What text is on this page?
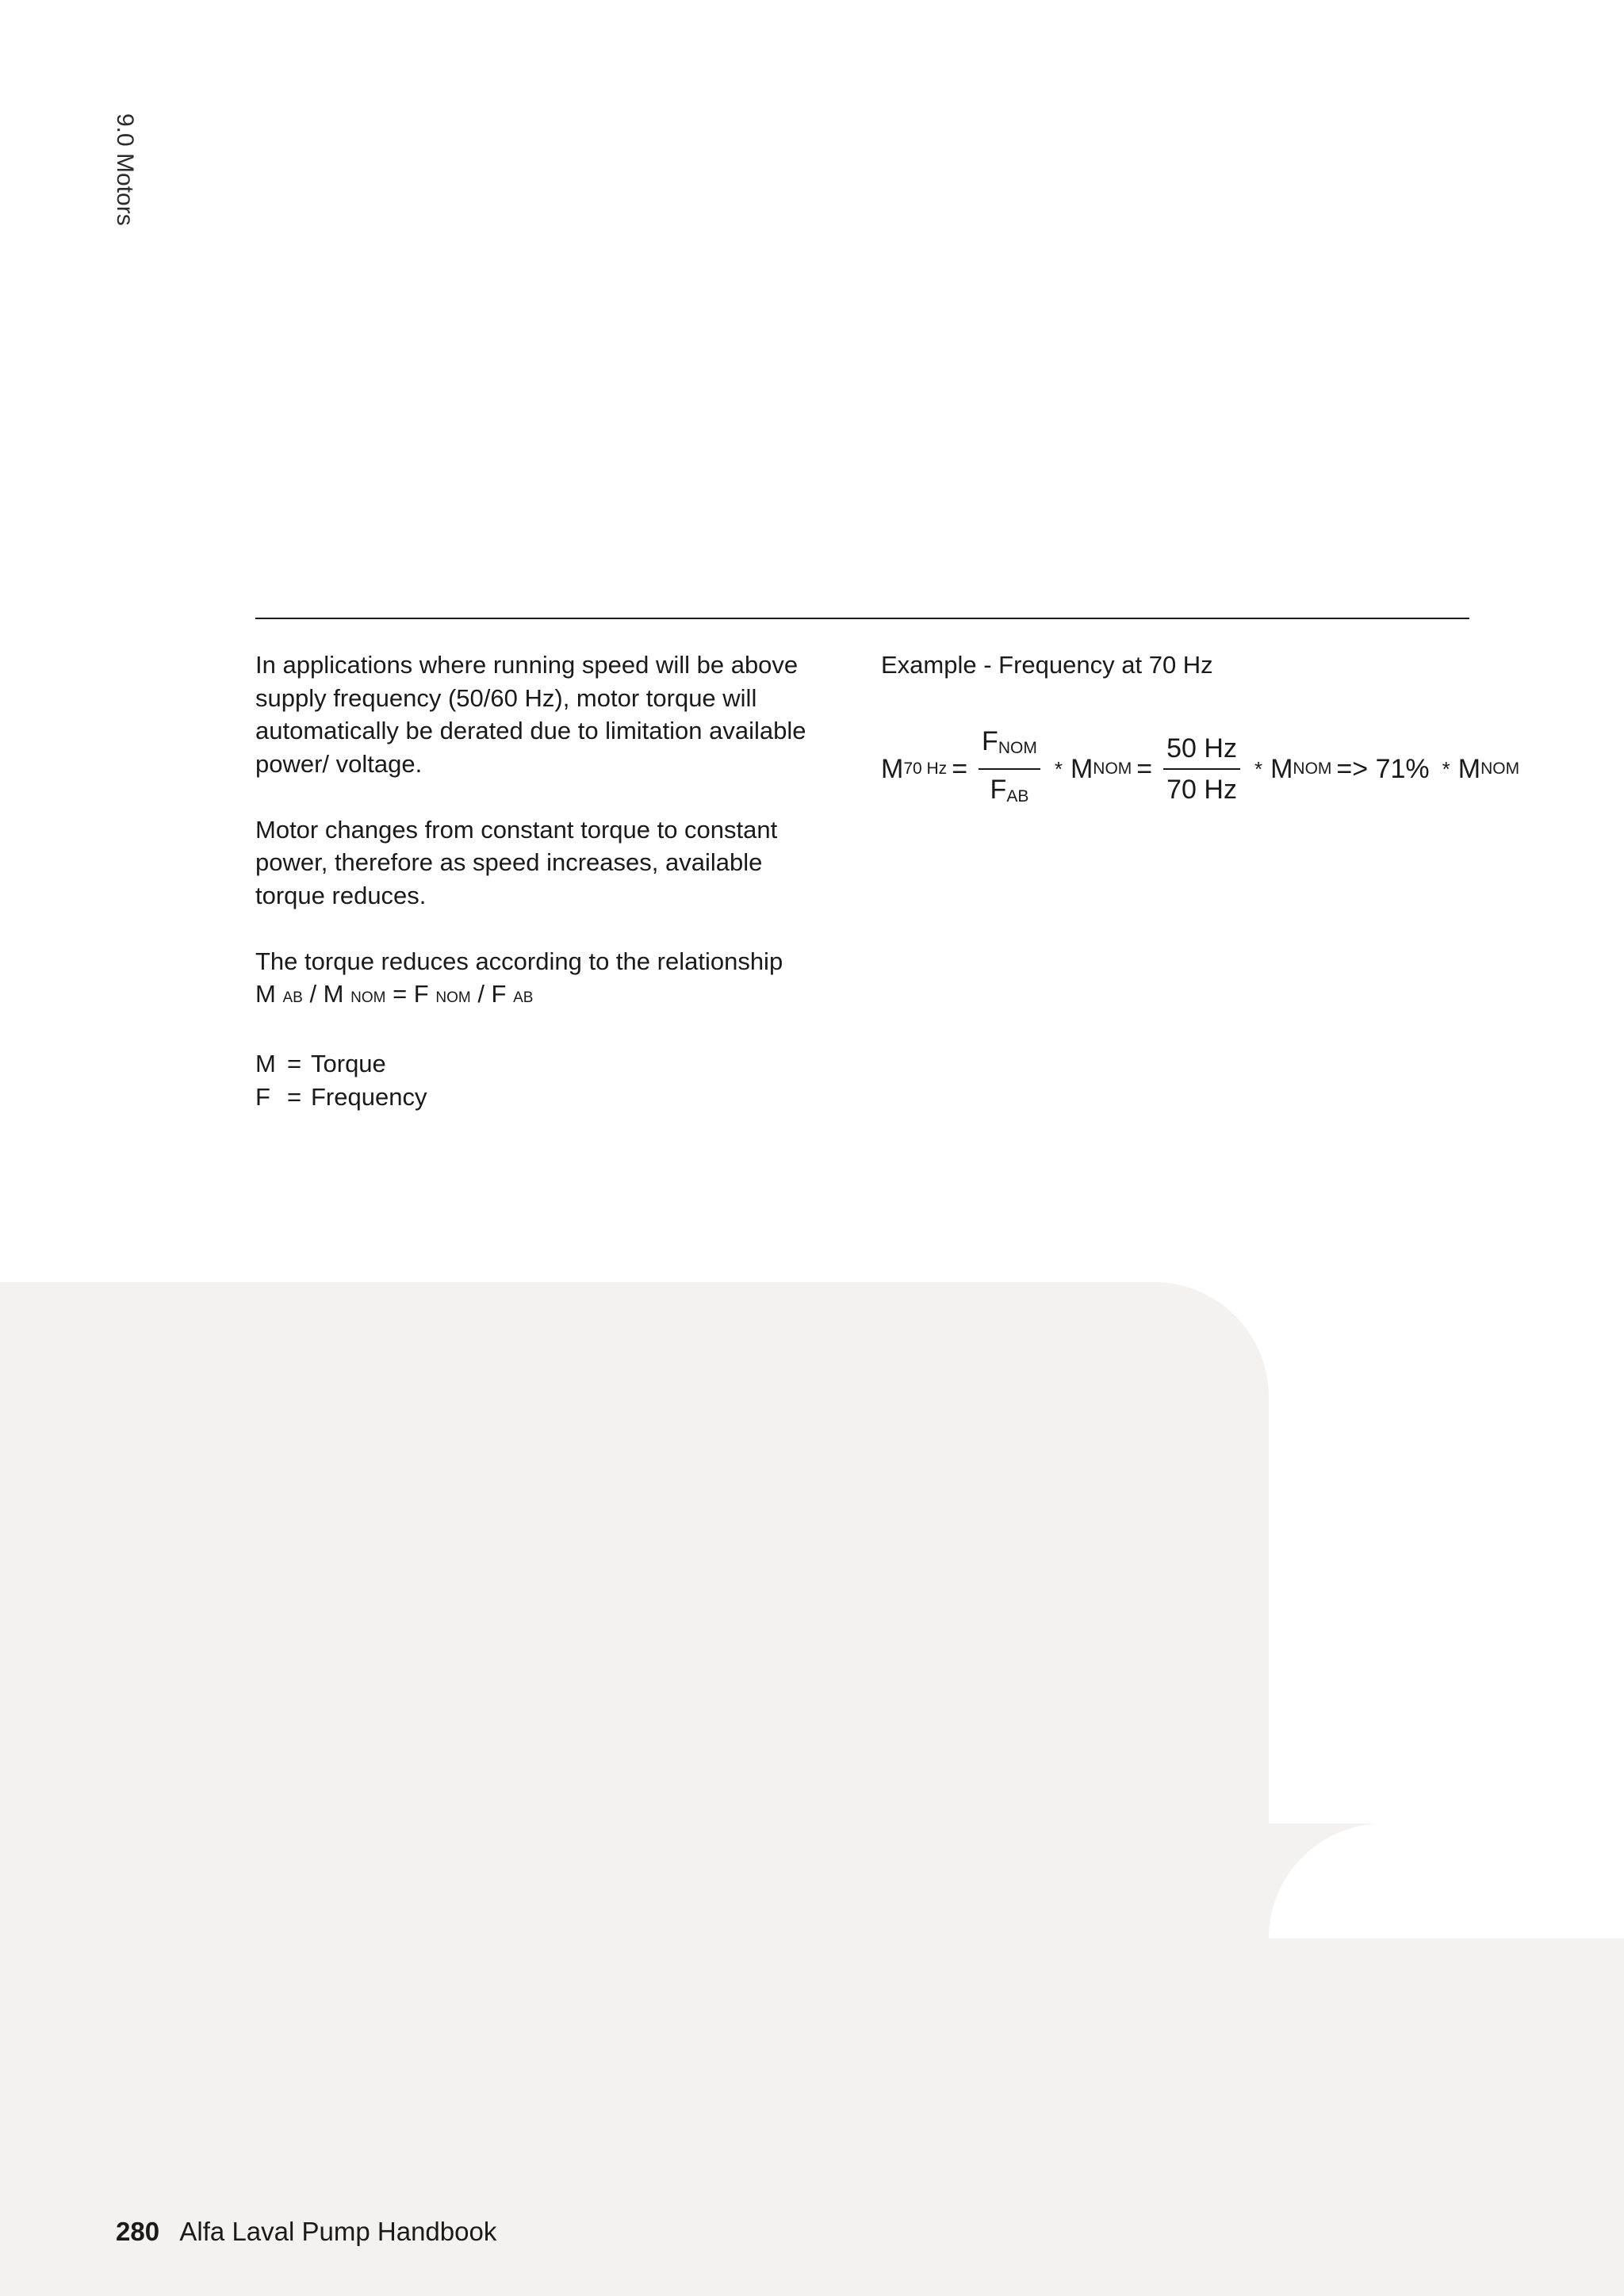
9.0 Motors

In applications where running speed will be above supply frequency (50/60 Hz), motor torque will automatically be derated due to limitation available power/ voltage.

Motor changes from constant torque to constant power, therefore as speed increases, available torque reduces.

The torque reduces according to the relationship
M AB / M NOM = F NOM / F AB

M = Torque
F = Frequency
Example - Frequency at 70 Hz
M 70 $Hz = \frac{\text{FNOM}}{\text{FAB}} * M$ NOM = $\frac{50 Hz}{70 Hz}$ * M NOM => 71% * M NOM
280 Alfa Laval Pump Handbook
